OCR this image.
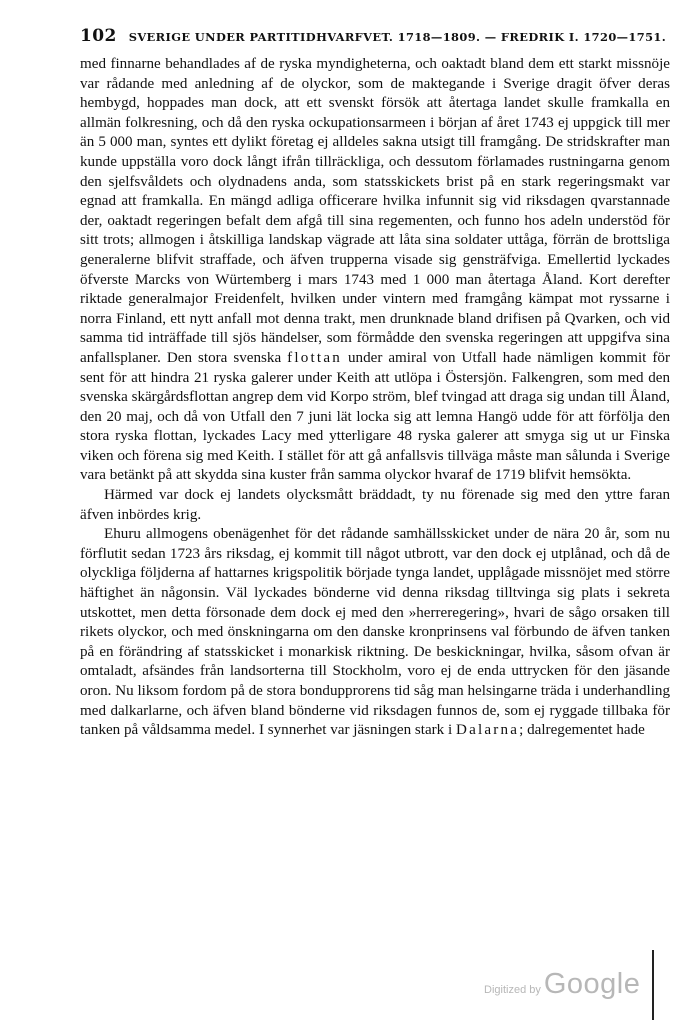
102 SVERIGE UNDER PARTITIDHVARFVET. 1718—1809. — FREDRIK I. 1720—1751.

med finnarne behandlades af de ryska myndigheterna, och oaktadt bland dem ett starkt missnöje var rådande med anledning af de olyckor, som de maktegande i Sverige dragit öfver deras hembygd, hoppades man dock, att ett svenskt försök att återtaga landet skulle framkalla en allmän folkresning, och då den ryska ockupationsarmeen i början af året 1743 ej uppgick till mer än 5 000 man, syntes ett dylikt företag ej alldeles sakna utsigt till framgång. De stridskrafter man kunde uppställa voro dock långt ifrån tillräckliga, och dessutom förlamades rustningarna genom den sjelfsvåldets och olydnadens anda, som statsskickets brist på en stark regeringsmakt var egnad att framkalla. En mängd adliga officerare hvilka infunnit sig vid riksdagen qvarstannade der, oaktadt regeringen befalt dem afgå till sina regementen, och funno hos adeln understöd för sitt trots; allmogen i åtskilliga landskap vägrade att låta sina soldater uttåga, förrän de brottsliga generalerne blifvit straffade, och äfven trupperna visade sig gensträfviga. Emellertid lyckades öfverste Marcks von Würtemberg i mars 1743 med 1 000 man återtaga Åland. Kort derefter riktade generalmajor Freidenfelt, hvilken under vintern med framgång kämpat mot ryssarne i norra Finland, ett nytt anfall mot denna trakt, men drunknade bland drifisen på Qvarken, och vid samma tid inträffade till sjös händelser, som förmådde den svenska regeringen att uppgifva sina anfallsplaner. Den stora svenska flottan under amiral von Utfall hade nämligen kommit för sent för att hindra 21 ryska galerer under Keith att utlöpa i Östersjön. Falkengren, som med den svenska skärgårdsflottan angrep dem vid Korpo ström, blef tvingad att draga sig undan till Åland, den 20 maj, och då von Utfall den 7 juni lät locka sig att lemna Hangö udde för att förfölja den stora ryska flottan, lyckades Lacy med ytterligare 48 ryska galerer att smyga sig ut ur Finska viken och förena sig med Keith. I stället för att gå anfallsvis tillväga måste man sålunda i Sverige vara betänkt på att skydda sina kuster från samma olyckor hvaraf de 1719 blifvit hemsökta.

Härmed var dock ej landets olycksmått bräddadt, ty nu förenade sig med den yttre faran äfven inbördes krig.

Ehuru allmogens obenägenhet för det rådande samhällsskicket under de nära 20 år, som nu förflutit sedan 1723 års riksdag, ej kommit till något utbrott, var den dock ej utplånad, och då de olyckliga följderna af hattarnes krigspolitik började tynga landet, upplågade missnöjet med större häftighet än någonsin. Väl lyckades bönderne vid denna riksdag tilltvinga sig plats i sekreta utskottet, men detta försonade dem dock ej med den »herreregering», hvari de sågo orsaken till rikets olyckor, och med önskningarna om den danske kronprinsens val förbundo de äfven tanken på en förändring af statsskicket i monarkisk riktning. De beskickningar, hvilka, såsom ofvan är omtaladt, afsändes från landsorterna till Stockholm, voro ej de enda uttrycken för den jäsande oron. Nu liksom fordom på de stora bondupprorens tid såg man helsingarne träda i underhandling med dalkarlarne, och äfven bland bönderne vid riksdagen funnos de, som ej ryggade tillbaka för tanken på våldsamma medel. I synnerhet var jäsningen stark i Dalarna; dalregementet hade

Digitized by Google
